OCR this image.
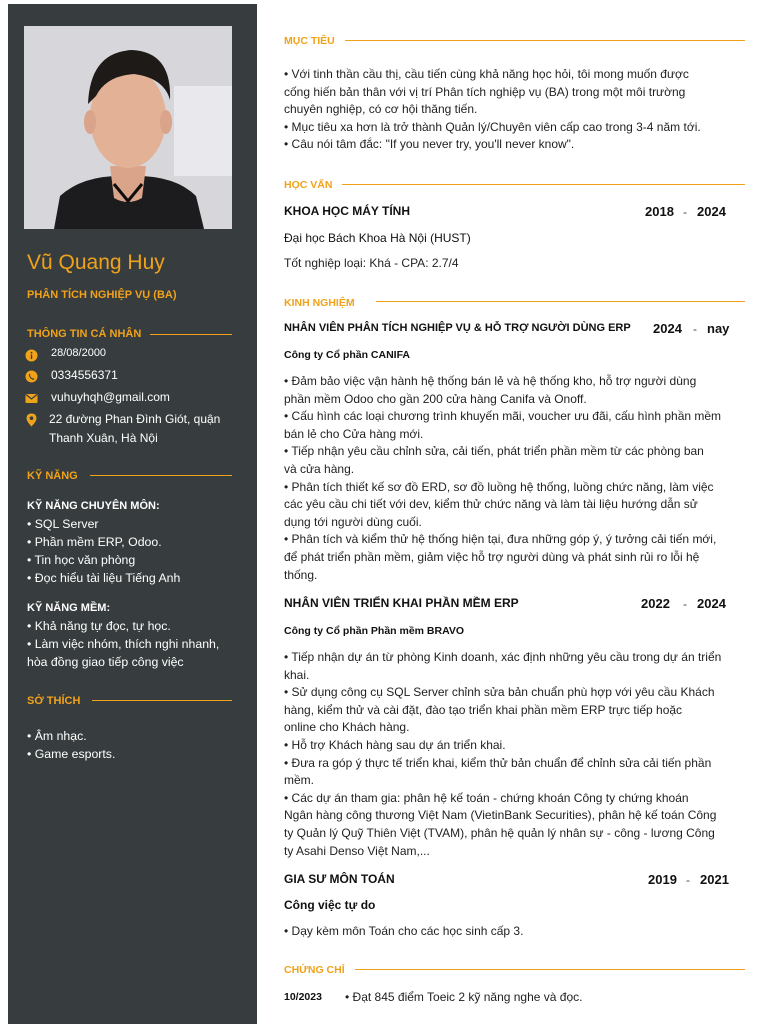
Vũ Quang Huy
PHÂN TÍCH NGHIỆP VỤ (BA)
THÔNG TIN CÁ NHÂN
28/08/2000
0334556371
vuhuyhqh@gmail.com
22 đường Phan Đình Giót, quận
Thanh Xuân, Hà Nội
KỸ NĂNG
KỸ NĂNG CHUYÊN MÔN:
• SQL Server
• Phần mềm ERP, Odoo.
• Tin học văn phòng
• Đọc hiểu tài liệu Tiếng Anh
KỸ NĂNG MỀM:
• Khả năng tự đọc, tự học.
• Làm việc nhóm, thích nghi nhanh,
hòa đồng giao tiếp công việc
SỞ THÍCH
• Âm nhạc.
• Game esports.
MỤC TIÊU
• Với tinh thần cầu thị, cầu tiến cùng khả năng học hỏi, tôi mong muốn được
cống hiến bản thân với vị trí Phân tích nghiệp vụ (BA) trong một môi trường
chuyên nghiệp, có cơ hội thăng tiến.
• Mục tiêu xa hơn là trở thành Quản lý/Chuyên viên cấp cao trong 3-4 năm tới.
• Câu nói tâm đắc: "If you never try, you'll never know".
HỌC VẤN
KHOA HỌC MÁY TÍNH	2018 - 2024
Đại học Bách Khoa Hà Nội (HUST)
Tốt nghiệp loại: Khá - CPA: 2.7/4
KINH NGHIỆM
NHÂN VIÊN PHÂN TÍCH NGHIỆP VỤ & HỖ TRỢ NGƯỜI DÙNG ERP 2024 - nay
Công ty Cổ phần CANIFA
• Đảm bảo việc vận hành hệ thống bán lẻ và hệ thống kho, hỗ trợ người dùng
phần mềm Odoo cho gần 200 cửa hàng Canifa và Onoff.
• Cấu hình các loại chương trình khuyến mãi, voucher ưu đãi, cấu hình phần mềm
bán lẻ cho Cửa hàng mới.
• Tiếp nhận yêu cầu chỉnh sửa, cải tiến, phát triển phần mềm từ các phòng ban
và cửa hàng.
• Phân tích thiết kế sơ đồ ERD, sơ đồ luồng hệ thống, luồng chức năng, làm việc
các yêu cầu chi tiết với dev, kiểm thử chức năng và làm tài liệu hướng dẫn sử
dụng tới người dùng cuối.
• Phân tích và kiểm thử hệ thống hiện tại, đưa những góp ý, ý tưởng cải tiến mới,
để phát triển phần mềm, giảm việc hỗ trợ người dùng và phát sinh rủi ro lỗi hệ
thống.
NHÂN VIÊN TRIỂN KHAI PHẦN MỀM ERP	2022 - 2024
Công ty Cổ phần Phần mềm BRAVO
• Tiếp nhận dự án từ phòng Kinh doanh, xác định những yêu cầu trong dự án triển
khai.
• Sử dụng công cụ SQL Server chỉnh sửa bản chuẩn phù hợp với yêu cầu Khách
hàng, kiểm thử và cài đặt, đào tạo triển khai phần mềm ERP trực tiếp hoặc
online cho Khách hàng.
• Hỗ trợ Khách hàng sau dự án triển khai.
• Đưa ra góp ý thực tế triển khai, kiểm thử bản chuẩn để chỉnh sửa cải tiến phần
mềm.
• Các dự án tham gia: phân hệ kế toán - chứng khoán Công ty chứng khoán
Ngân hàng công thương Việt Nam (VietinBank Securities), phân hệ kế toán Công
ty Quản lý Quỹ Thiên Việt (TVAM), phân hệ quản lý nhân sự - công - lương Công
ty Asahi Denso Việt Nam,...
GIA SƯ MÔN TOÁN	2019 - 2021
Công việc tự do
• Dạy kèm môn Toán cho các học sinh cấp 3.
CHỨNG CHỈ
10/2023 • Đạt 845 điểm Toeic 2 kỹ năng nghe và đọc.
